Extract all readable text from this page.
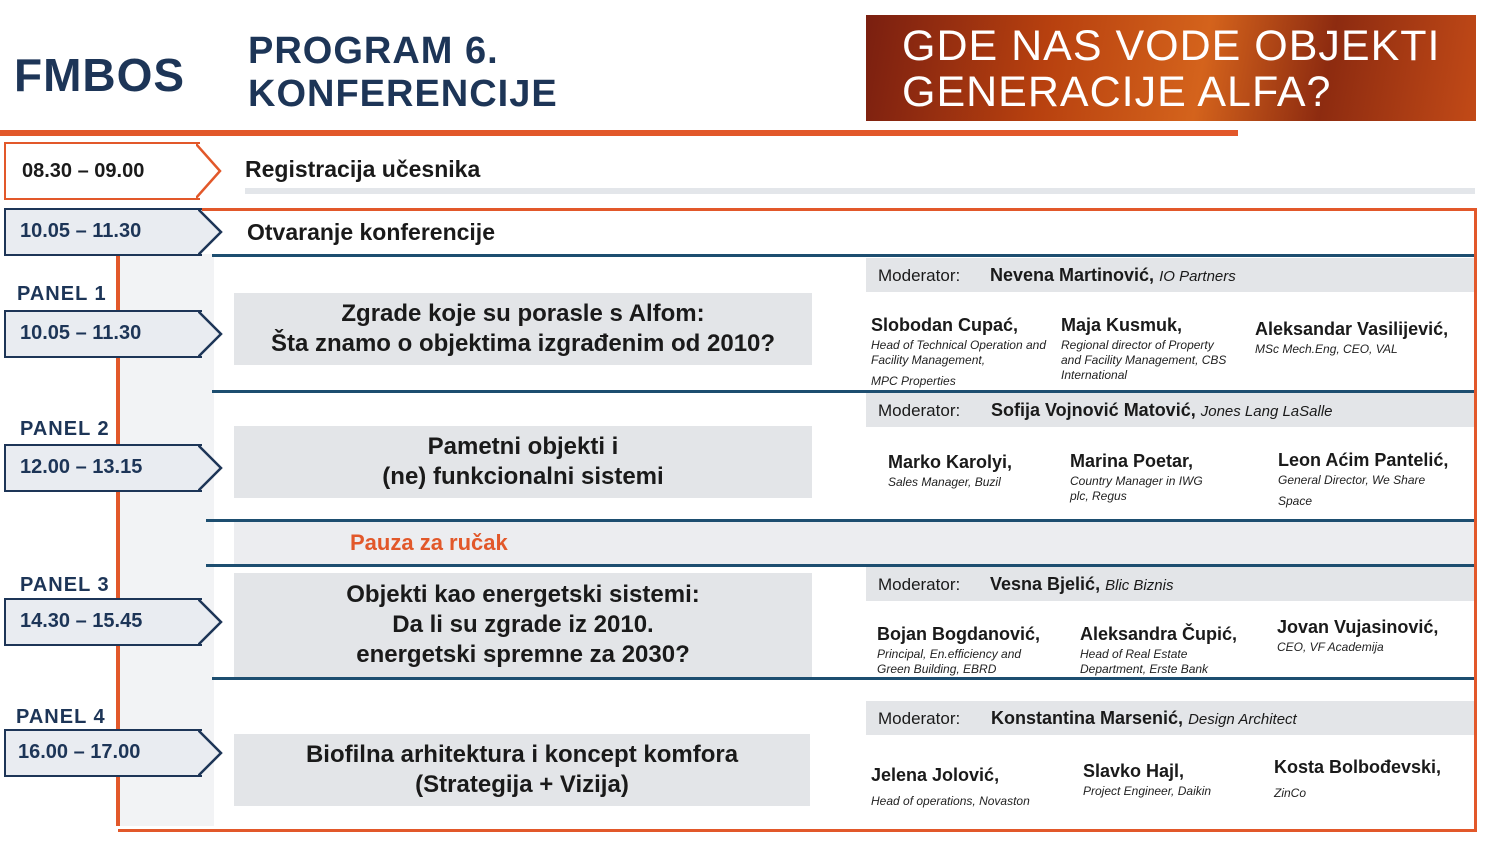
FMBOS PROGRAM 6.
KONFERENCIJE
GDE NAS VODE OBJEKTI
GENERACIJE ALFA?
08.30 – 09.00	Registracija učesnika
10.05 – 11.30	Otvaranje konferencije
PANEL 1
10.05 – 11.30
Zgrade koje su porasle s Alfom:
Šta znamo o objektima izgrađenim od 2010?
Moderator: Nevena Martinović, IO Partners
Slobodan Cupać,
Head of Technical Operation and Facility Management,
MPC Properties
Maja Kusmuk,
Regional director of Property and Facility Management, CBS International
Aleksandar Vasilijević,
MSc Mech.Eng, CEO, VAL
PANEL 2
12.00 – 13.15
Pametni objekti i
(ne) funkcionalni sistemi
Moderator: Sofija Vojnović Matović, Jones Lang LaSalle
Marko Karolyi,
Sales Manager, Buzil
Marina Poetar,
Country Manager in IWG plc, Regus
Leon Aćim Pantelić,
General Director, We Share
Space
Pauza za ručak
PANEL 3
14.30 – 15.45
Objekti kao energetski sistemi:
Da li su zgrade iz 2010.
energetski spremne za 2030?
Moderator: Vesna Bjelić, Blic Biznis
Bojan Bogdanović,
Principal, En.efficiency and Green Building, EBRD
Aleksandra Čupić,
Head of Real Estate Department, Erste Bank
Jovan Vujasinović,
CEO, VF Academija
PANEL 4
16.00 – 17.00	Biofilna arhitektura i koncept komfora
(Strategija + Vizija)
Moderator: Konstantina Marsenić, Design Architect
Jelena Jolović,
Head of operations, Novaston
Slavko Hajl,
Project Engineer, Daikin
Kosta Bolbođevski,
ZinCo
